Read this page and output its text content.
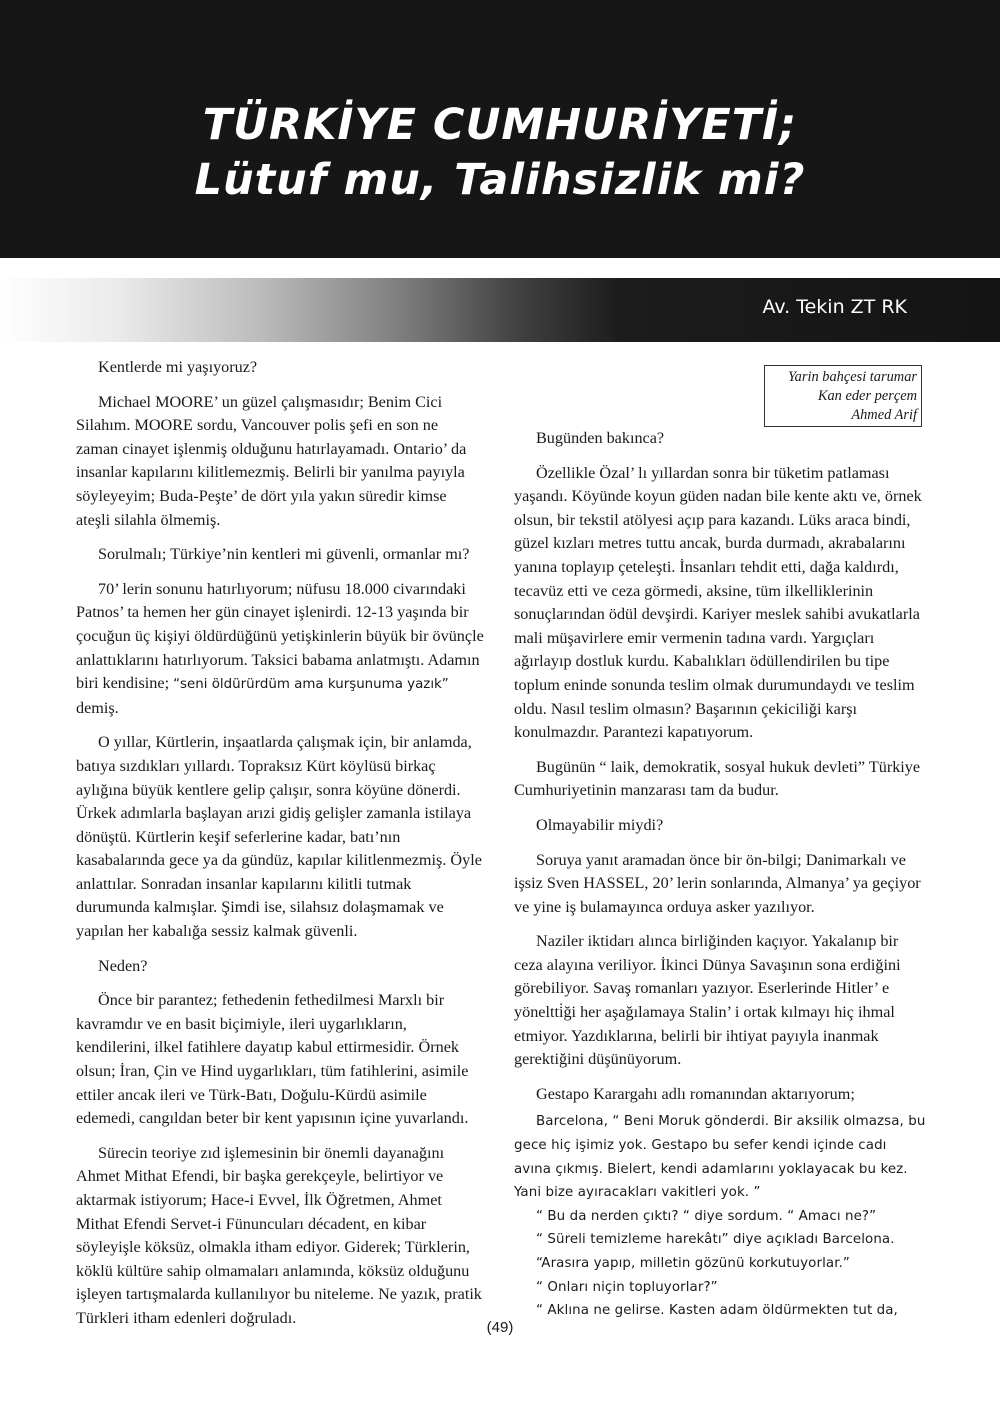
TÜRKİYE CUMHURİYETİ;
Lütuf mu, Talihsizlik mi?
Av. Tekin ZT RK

Kentlerde mi yaşıyoruz?

Michael MOORE’ un güzel çalışmasıdır; Benim Cici Silahım. MOORE sordu, Vancouver polis şefi en son ne zaman cinayet işlenmiş olduğunu hatırlayamadı. Ontario’ da insanlar kapılarını kilitlemezmiş. Belirli bir yanılma payıyla söyleyeyim; Buda-Peşte’ de dört yıla yakın süredir kimse ateşli silahla ölmemiş.

Sorulmalı; Türkiye’nin kentleri mi güvenli, ormanlar mı?

70’ lerin sonunu hatırlıyorum; nüfusu 18.000 civarındaki Patnos’ ta hemen her gün cinayet işlenirdi. 12-13 yaşında bir çocuğun üç kişiyi öldürdüğünü yetişkinlerin büyük bir övünçle anlattıklarını hatırlıyorum. Taksici babama anlatmıştı. Adamın biri kendisine; “seni öldürürdüm ama kurşunuma yazık” demiş.

O yıllar, Kürtlerin, inşaatlarda çalışmak için, bir anlamda, batıya sızdıkları yıllardı. Topraksız Kürt köylüsü birkaç aylığına büyük kentlere gelip çalışır, sonra köyüne dönerdi. Ürkek adımlarla başlayan arızi gidiş gelişler zamanla istilaya dönüştü. Kürtlerin keşif seferlerine kadar, batı’nın kasabalarında gece ya da gündüz, kapılar kilitlenmezmiş. Öyle anlattılar. Sonradan insanlar kapılarını kilitli tutmak durumunda kalmışlar. Şimdi ise, silahsız dolaşmamak ve yapılan her kabalığa sessiz kalmak güvenli.

Neden?

Önce bir parantez; fethedenin fethedilmesi Marxlı bir kavramdır ve en basit biçimiyle, ileri uygarlıkların, kendilerini, ilkel fatihlere dayatıp kabul ettirmesidir. Örnek olsun; İran, Çin ve Hind uygarlıkları, tüm fatihlerini, asimile ettiler ancak ileri ve Türk-Batı, Doğulu-Kürdü asimile edemedi, cangıldan beter bir kent yapısının içine yuvarlandı.

Sürecin teoriye zıd işlemesinin bir önemli dayanağını Ahmet Mithat Efendi, bir başka gerekçeyle, belirtiyor ve aktarmak istiyorum; Hace-i Evvel, İlk Öğretmen, Ahmet Mithat Efendi Servet-i Fünuncuları décadent, en kibar söyleyişle köksüz, olmakla itham ediyor. Giderek; Türklerin, köklü kültüre sahip olmamaları anlamında, köksüz olduğunu işleyen tartışmalarda kullanılıyor bu niteleme. Ne yazık, pratik Türkleri itham edenleri doğruladı.

Yarin bahçesi tarumar
Kan eder perçem
Ahmed Arif

Bugünden bakınca?

Özellikle Özal’ lı yıllardan sonra bir tüketim patlaması yaşandı. Köyünde koyun güden nadan bile kente aktı ve, örnek olsun, bir tekstil atölyesi açıp para kazandı. Lüks araca bindi, güzel kızları metres tuttu ancak, burda durmadı, akrabalarını yanına toplayıp çeteleşti. İnsanları tehdit etti, dağa kaldırdı, tecavüz etti ve ceza görmedi, aksine, tüm ilkelliklerinin sonuçlarından ödül devşirdi. Kariyer meslek sahibi avukatlarla mali müşavirlere emir vermenin tadına vardı. Yargıçları ağırlayıp dostluk kurdu. Kabalıkları ödüllendirilen bu tipe toplum eninde sonunda teslim olmak durumundaydı ve teslim oldu. Nasıl teslim olmasın? Başarının çekiciliği karşı konulmazdır. Parantezi kapatıyorum.

Bugünün “ laik, demokratik, sosyal hukuk devleti” Türkiye Cumhuriyetinin manzarası tam da budur.

Olmayabilir miydi?

Soruya yanıt aramadan önce bir ön-bilgi; Danimarkalı ve işsiz Sven HASSEL, 20’ lerin sonlarında, Almanya’ ya geçiyor ve yine iş bulamayınca orduya asker yazılıyor.

Naziler iktidarı alınca birliğinden kaçıyor. Yakalanıp bir ceza alayına veriliyor. İkinci Dünya Savaşının sona erdiğini görebiliyor. Savaş romanları yazıyor. Eserlerinde Hitler’ e yöneltti̇ği her aşağılamaya Stalin’ i ortak kılmayı hiç ihmal etmiyor. Yazdıklarına, belirli bir ihtiyat payıyla inanmak gerektiğini düşünüyorum.

Gestapo Karargahı adlı romanından aktarıyorum;

Barcelona, “ Beni Moruk gönderdi. Bir aksilik olmazsa, bu gece hiç işimiz yok. Gestapo bu sefer kendi içinde cadı avına çıkmış. Bielert, kendi adamlarını yoklayacak bu kez. Yani bize ayıracakları vakitleri yok. ”

“ Bu da nerden çıktı? “ diye sordum. “ Amacı ne?”

“ Süreli temizleme harekâtı” diye açıkladı Barcelona.

“Arasıra yapıp, milletin gözünü korkutuyorlar.”

“ Onları niçin topluyorlar?”

“ Aklına ne gelirse. Kasten adam öldürmekten tut da,

(49)
